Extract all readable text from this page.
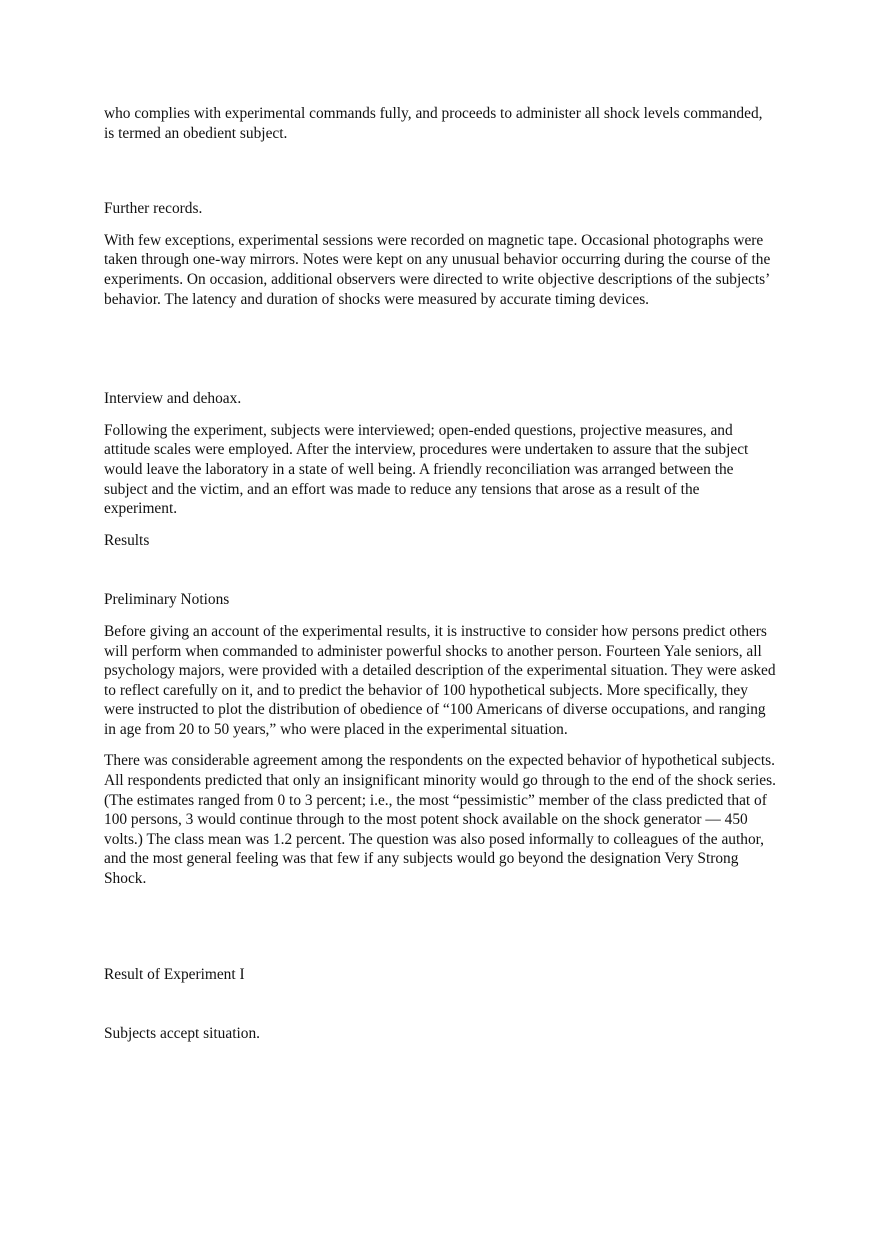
who complies with experimental commands fully, and proceeds to administer all shock levels commanded, is termed an obedient subject.

Further records.

With few exceptions, experimental sessions were recorded on magnetic tape. Occasional photographs were taken through one-way mirrors. Notes were kept on any unusual behavior occurring during the course of the experiments. On occasion, additional observers were directed to write objective descriptions of the subjects’ behavior. The latency and duration of shocks were measured by accurate timing devices.

Interview and dehoax.

Following the experiment, subjects were interviewed; open-ended questions, projective measures, and attitude scales were employed. After the interview, procedures were undertaken to assure that the subject would leave the laboratory in a state of well being. A friendly reconciliation was arranged between the subject and the victim, and an effort was made to reduce any tensions that arose as a result of the experiment.

Results

Preliminary Notions

Before giving an account of the experimental results, it is instructive to consider how persons predict others will perform when commanded to administer powerful shocks to another person. Fourteen Yale seniors, all psychology majors, were provided with a detailed description of the experimental situation. They were asked to reflect carefully on it, and to predict the behavior of 100 hypothetical subjects. More specifically, they were instructed to plot the distribution of obedience of “100 Americans of diverse occupations, and ranging in age from 20 to 50 years,” who were placed in the experimental situation.

There was considerable agreement among the respondents on the expected behavior of hypothetical subjects. All respondents predicted that only an insignificant minority would go through to the end of the shock series. (The estimates ranged from 0 to 3 percent; i.e., the most “pessimistic” member of the class predicted that of 100 persons, 3 would continue through to the most potent shock available on the shock generator — 450 volts.) The class mean was 1.2 percent. The question was also posed informally to colleagues of the author, and the most general feeling was that few if any subjects would go beyond the designation Very Strong Shock.

Result of Experiment I

Subjects accept situation.
